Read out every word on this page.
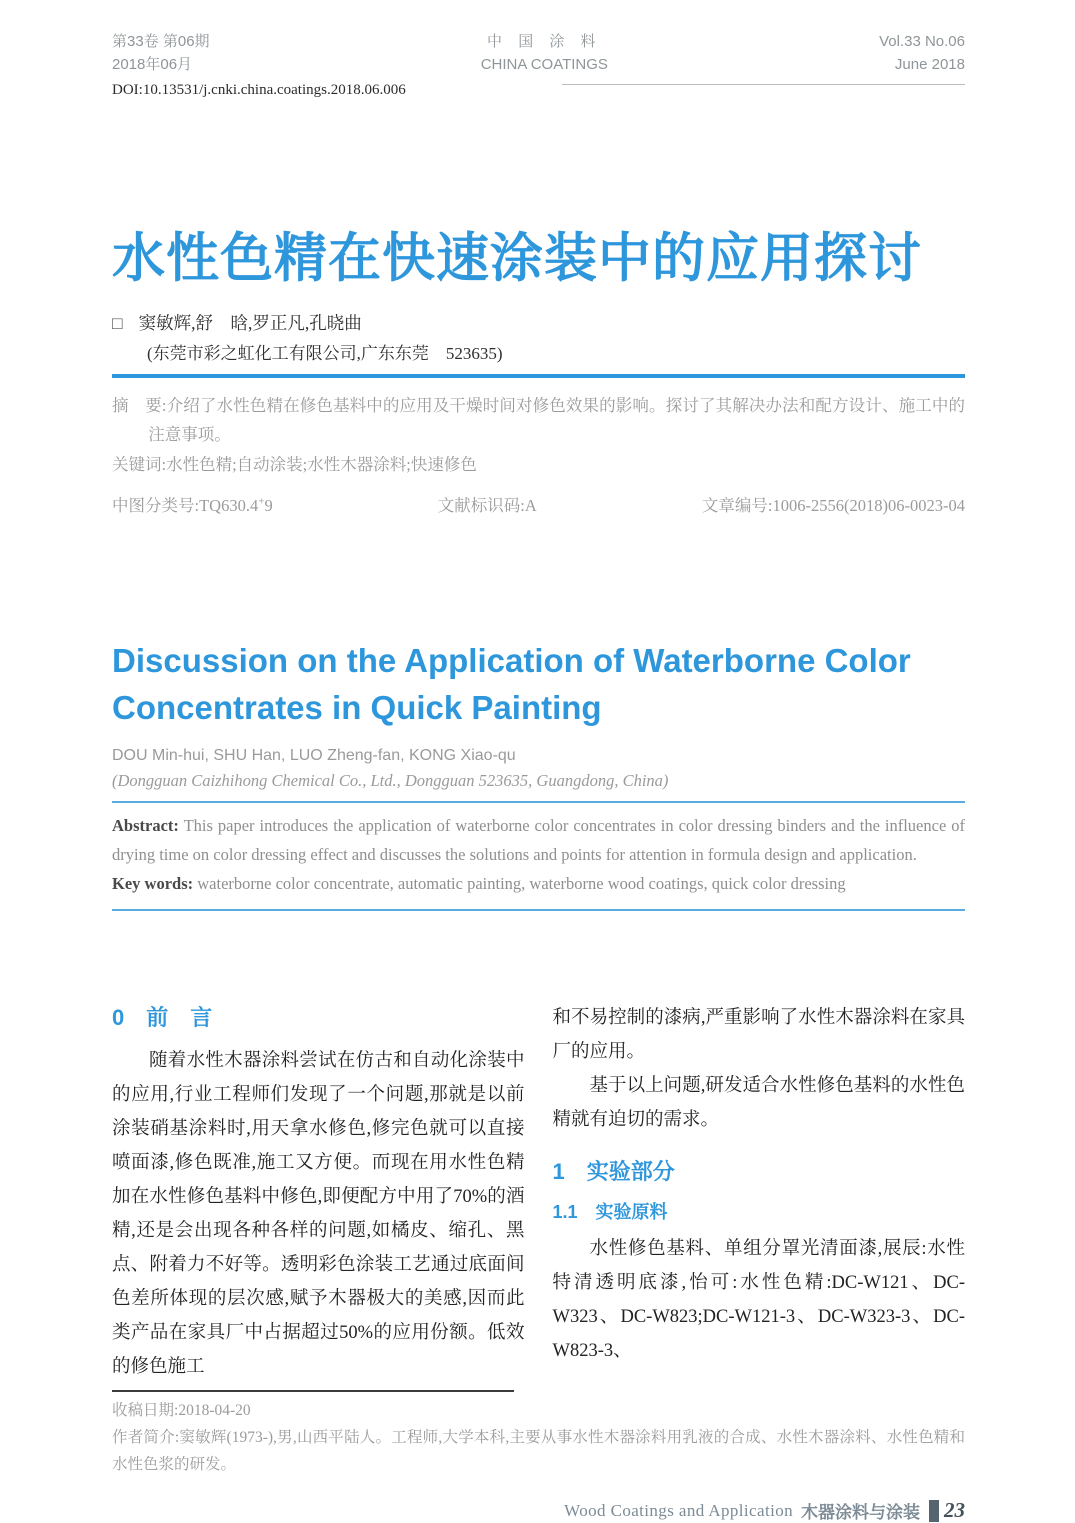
第33卷 第06期
2018年06月
中 国 涂 料
CHINA COATINGS
Vol.33 No.06
June 2018
DOI:10.13531/j.cnki.china.coatings.2018.06.006
水性色精在快速涂装中的应用探讨
□ 窦敏辉,舒　晗,罗正凡,孔晓曲
(东莞市彩之虹化工有限公司,广东东莞　523635)

摘　要:介绍了水性色精在修色基料中的应用及干燥时间对修色效果的影响。探讨了其解决办法和配方设计、施工中的注意事项。

关键词:水性色精;自动涂装;水性木器涂料;快速修色

中图分类号:TQ630.4+9	文献标识码:A	文章编号:1006-2556(2018)06-0023-04
Discussion on the Application of Waterborne Color
Concentrates in Quick Painting
DOU Min-hui, SHU Han, LUO Zheng-fan, KONG Xiao-qu
(Dongguan Caizhihong Chemical Co., Ltd., Dongguan 523635, Guangdong, China)

Abstract: This paper introduces the application of waterborne color concentrates in color dressing binders and the influence of drying time on color dressing effect and discusses the solutions and points for attention in formula design and application.

Key words: waterborne color concentrate, automatic painting, waterborne wood coatings, quick color dressing

0　前　言

随着水性木器涂料尝试在仿古和自动化涂装中的应用,行业工程师们发现了一个问题,那就是以前涂装硝基涂料时,用天拿水修色,修完色就可以直接喷面漆,修色既准,施工又方便。而现在用水性色精加在水性修色基料中修色,即便配方中用了70%的酒精,还是会出现各种各样的问题,如橘皮、缩孔、黑点、附着力不好等。透明彩色涂装工艺通过底面间色差所体现的层次感,赋予木器极大的美感,因而此类产品在家具厂中占据超过50%的应用份额。低效的修色施工

和不易控制的漆病,严重影响了水性木器涂料在家具厂的应用。

基于以上问题,研发适合水性修色基料的水性色精就有迫切的需求。

1　实验部分
1.1　实验原料

水性修色基料、单组分罩光清面漆,展辰:水性特清透明底漆,怡可:水性色精:DC-W121、DC-W323、DC-W823;DC-W121-3、DC-W323-3、DC-W823-3、

收稿日期:2018-04-20

作者简介:窦敏辉(1973-),男,山西平陆人。工程师,大学本科,主要从事水性木器涂料用乳液的合成、水性木器涂料、水性色精和水性色浆的研发。

Wood Coatings and Application 木器涂料与涂装 23
